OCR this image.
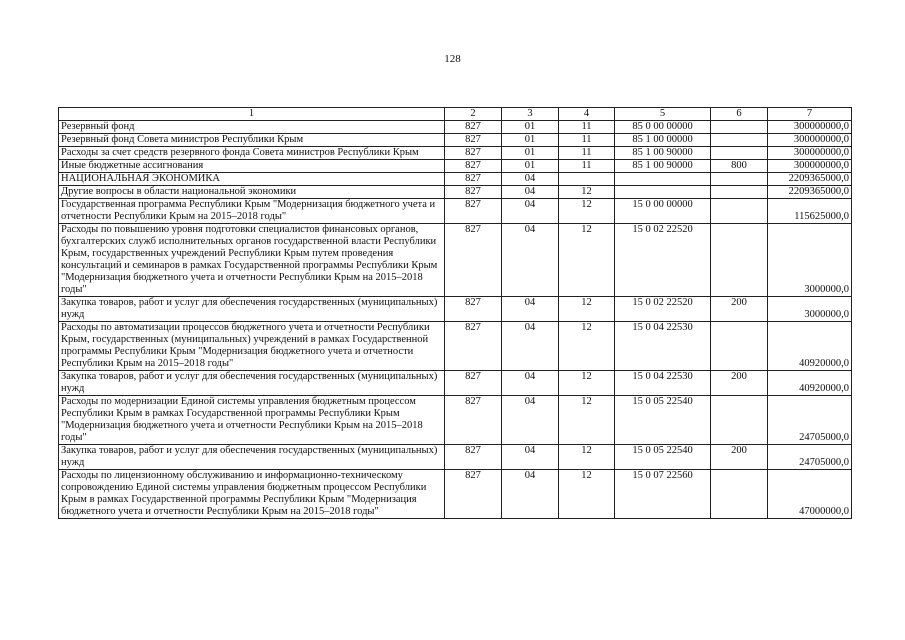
128
1	2	3	4	5	6	7
Резервный фонд	827	01	11	85 0 00 00000		300000000,0
Резервный фонд Совета министров Республики Крым	827	01	11	85 1 00 00000		300000000,0
Расходы за счет средств резервного фонда Совета министров Республики Крым	827	01	11	85 1 00 90000		300000000,0
Иные бюджетные ассигнования	827	01	11	85 1 00 90000	800	300000000,0
НАЦИОНАЛЬНАЯ ЭКОНОМИКА	827	04				2209365000,0
Другие вопросы в области национальной экономики	827	04	12			2209365000,0
Государственная программа Республики Крым "Модернизация бюджетного учета и отчетности Республики Крым на 2015–2018 годы"	827	04	12	15 0 00 00000		115625000,0
Расходы по повышению уровня подготовки специалистов финансовых органов, бухгалтерских служб исполнительных органов государственной власти Республики Крым, государственных учреждений Республики Крым путем проведения консультаций и семинаров в рамках Государственной программы Республики Крым "Модернизация бюджетного учета и отчетности Республики Крым на 2015–2018 годы"	827	04	12	15 0 02 22520		3000000,0
Закупка товаров, работ и услуг для обеспечения государственных (муниципальных) нужд	827	04	12	15 0 02 22520	200	3000000,0
Расходы по автоматизации процессов бюджетного учета и отчетности Республики Крым, государственных (муниципальных) учреждений в рамках Государственной программы Республики Крым "Модернизация бюджетного учета и отчетности Республики Крым на 2015–2018 годы"	827	04	12	15 0 04 22530		40920000,0
Закупка товаров, работ и услуг для обеспечения государственных (муниципальных) нужд	827	04	12	15 0 04 22530	200	40920000,0
Расходы по модернизации Единой системы управления бюджетным процессом Республики Крым в рамках Государственной программы Республики Крым "Модернизация бюджетного учета и отчетности Республики Крым на 2015–2018 годы"	827	04	12	15 0 05 22540		24705000,0
Закупка товаров, работ и услуг для обеспечения государственных (муниципальных) нужд	827	04	12	15 0 05 22540	200	24705000,0
Расходы по лицензионному обслуживанию и информационно-техническому сопровождению Единой системы управления бюджетным процессом Республики Крым в рамках Государственной программы Республики Крым "Модернизация бюджетного учета и отчетности Республики Крым на 2015–2018 годы"	827	04	12	15 0 07 22560		47000000,0
